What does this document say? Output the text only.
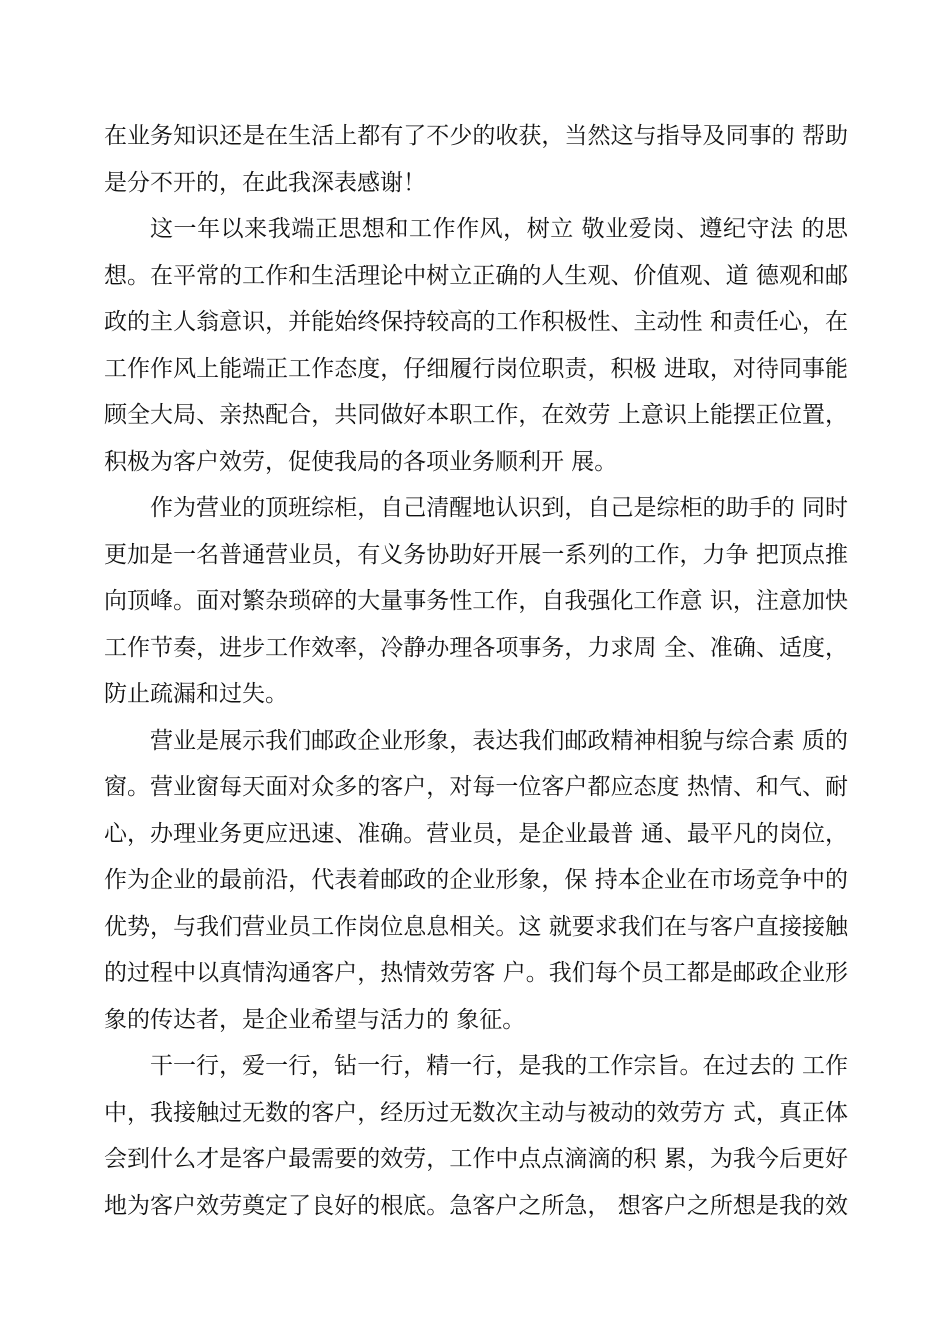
在业务知识还是在生活上都有了不少的收获，当然这与指导及同事的 帮助
是分不开的，在此我深表感谢！
这一年以来我端正思想和工作作风，树立 敬业爱岗、遵纪守法 的思
想。在平常的工作和生活理论中树立正确的人生观、价值观、道 德观和邮
政的主人翁意识，并能始终保持较高的工作积极性、主动性 和责任心，在
工作作风上能端正工作态度，仔细履行岗位职责，积极 进取，对待同事能
顾全大局、亲热配合，共同做好本职工作，在效劳 上意识上能摆正位置，
积极为客户效劳，促使我局的各项业务顺利开 展。
作为营业的顶班综柜，自己清醒地认识到，自己是综柜的助手的 同时
更加是一名普通营业员，有义务协助好开展一系列的工作，力争 把顶点推
向顶峰。面对繁杂琐碎的大量事务性工作，自我强化工作意 识，注意加快
工作节奏，进步工作效率，冷静办理各项事务，力求周 全、准确、适度，
防止疏漏和过失。
营业是展示我们邮政企业形象，表达我们邮政精神相貌与综合素 质的
窗。营业窗每天面对众多的客户，对每一位客户都应态度 热情、和气、耐
心，办理业务更应迅速、准确。营业员，是企业最普 通、最平凡的岗位，
作为企业的最前沿，代表着邮政的企业形象，保 持本企业在市场竞争中的
优势，与我们营业员工作岗位息息相关。这 就要求我们在与客户直接接触
的过程中以真情沟通客户，热情效劳客 户。我们每个员工都是邮政企业形
象的传达者，是企业希望与活力的 象征。
干一行，爱一行，钻一行，精一行，是我的工作宗旨。在过去的 工作
中，我接触过无数的客户，经历过无数次主动与被动的效劳方 式，真正体
会到什么才是客户最需要的效劳，工作中点点滴滴的积 累，为我今后更好
地为客户效劳奠定了良好的根底。急客户之所急， 想客户之所想是我的效
